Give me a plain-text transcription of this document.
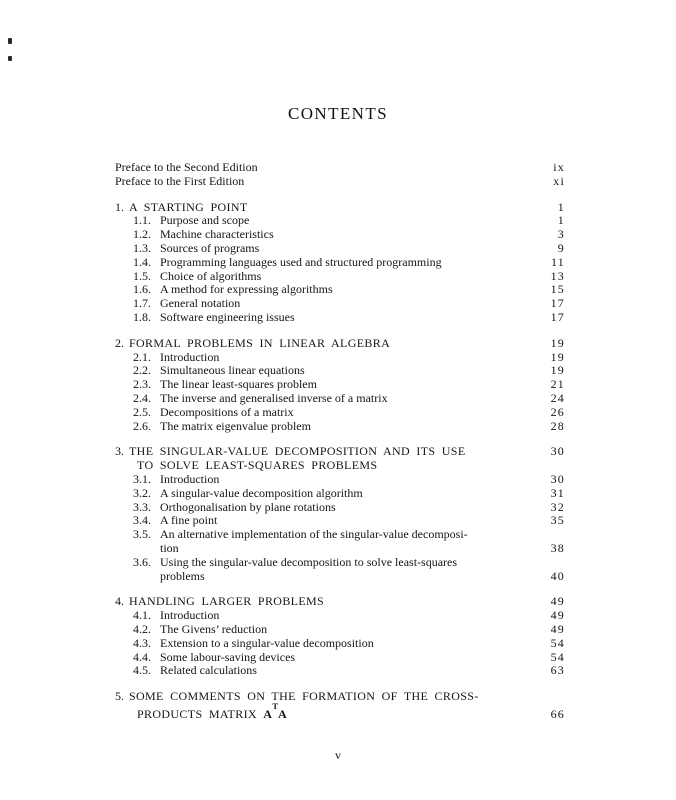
CONTENTS
Preface to the Second Edition	ix
Preface to the First Edition	xi
1. A STARTING POINT	1
1.1. Purpose and scope	1
1.2. Machine characteristics	3
1.3. Sources of programs	9
1.4. Programming languages used and structured programming	11
1.5. Choice of algorithms	13
1.6. A method for expressing algorithms	15
1.7. General notation	17
1.8. Software engineering issues	17
2. FORMAL PROBLEMS IN LINEAR ALGEBRA	19
2.1. Introduction	19
2.2. Simultaneous linear equations	19
2.3. The linear least-squares problem	21
2.4. The inverse and generalised inverse of a matrix	24
2.5. Decompositions of a matrix	26
2.6. The matrix eigenvalue problem	28
3. THE SINGULAR-VALUE DECOMPOSITION AND ITS USE	30
TO SOLVE LEAST-SQUARES PROBLEMS
3.1. Introduction	30
3.2. A singular-value decomposition algorithm	31
3.3. Orthogonalisation by plane rotations	32
3.4. A fine point	35
3.5. An alternative implementation of the singular-value decomposi-
tion	38
3.6. Using the singular-value decomposition to solve least-squares
problems	40
4. HANDLING LARGER PROBLEMS	49
4.1. Introduction	49
4.2. The Givens’ reduction	49
4.3. Extension to a singular-value decomposition	54
4.4. Some labour-saving devices	54
4.5. Related calculations	63
5. SOME COMMENTS ON THE FORMATION OF THE CROSS-
PRODUCTS MATRIX $A^TA$	66
v
